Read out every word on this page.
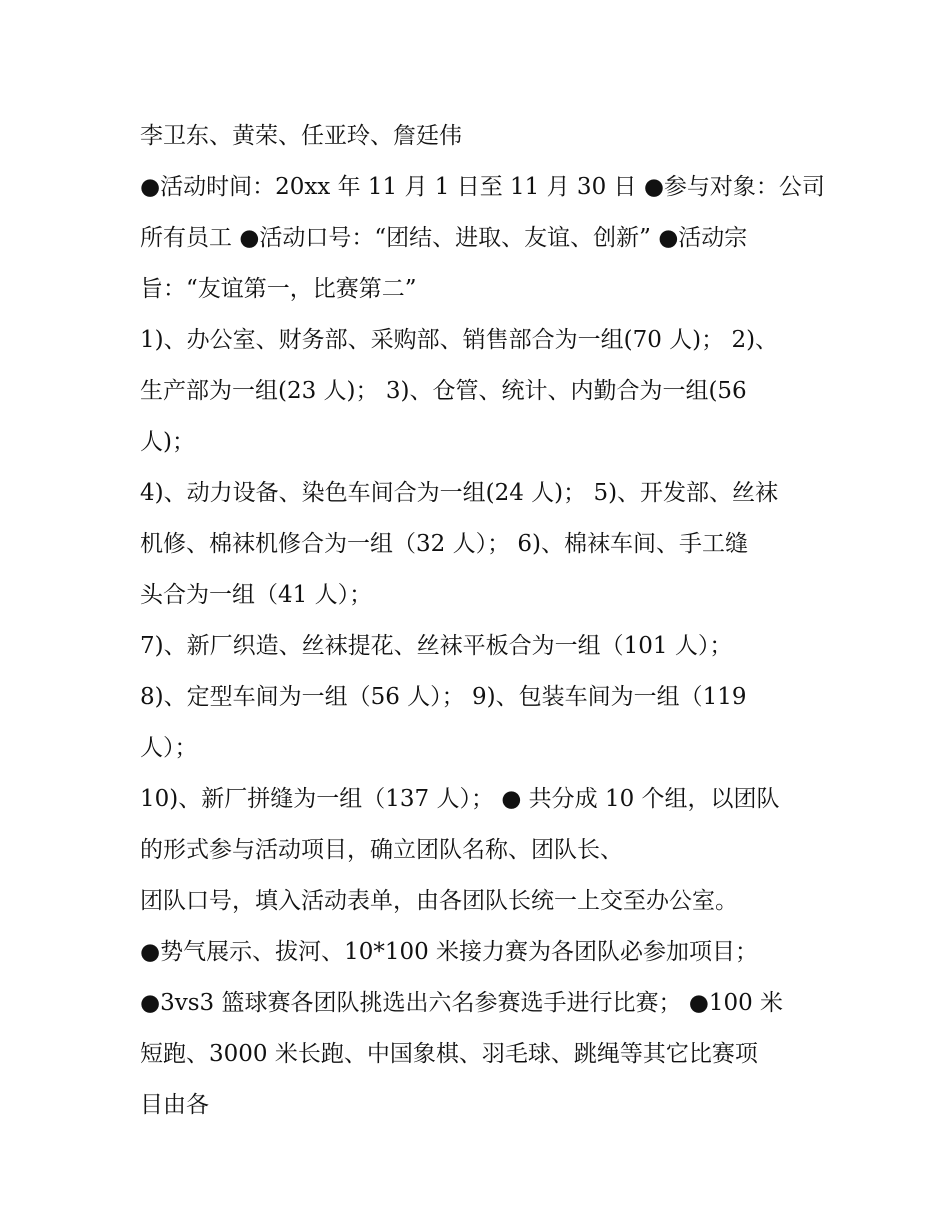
李卫东、黄荣、任亚玲、詹廷伟
●活动时间：20xx 年 11 月 1 日至 11 月 30 日 ●参与对象：公司
所有员工 ●活动口号：“团结、进取、友谊、创新” ●活动宗
旨：“友谊第一，比赛第二”
1)、办公室、财务部、采购部、销售部合为一组(70 人)； 2)、
生产部为一组(23 人)； 3)、仓管、统计、内勤合为一组(56
人)；
4)、动力设备、染色车间合为一组(24 人)； 5)、开发部、丝袜
机修、棉袜机修合为一组（32 人）； 6)、棉袜车间、手工缝
头合为一组（41 人）；
7)、新厂织造、丝袜提花、丝袜平板合为一组（101 人）；
8)、定型车间为一组（56 人）； 9)、包装车间为一组（119
人）；
10)、新厂拼缝为一组（137 人）； ● 共分成 10 个组，以团队
的形式参与活动项目，确立团队名称、团队长、
团队口号，填入活动表单，由各团队长统一上交至办公室。
●势气展示、拔河、10*100 米接力赛为各团队必参加项目；
●3vs3 篮球赛各团队挑选出六名参赛选手进行比赛； ●100 米
短跑、3000 米长跑、中国象棋、羽毛球、跳绳等其它比赛项
目由各
